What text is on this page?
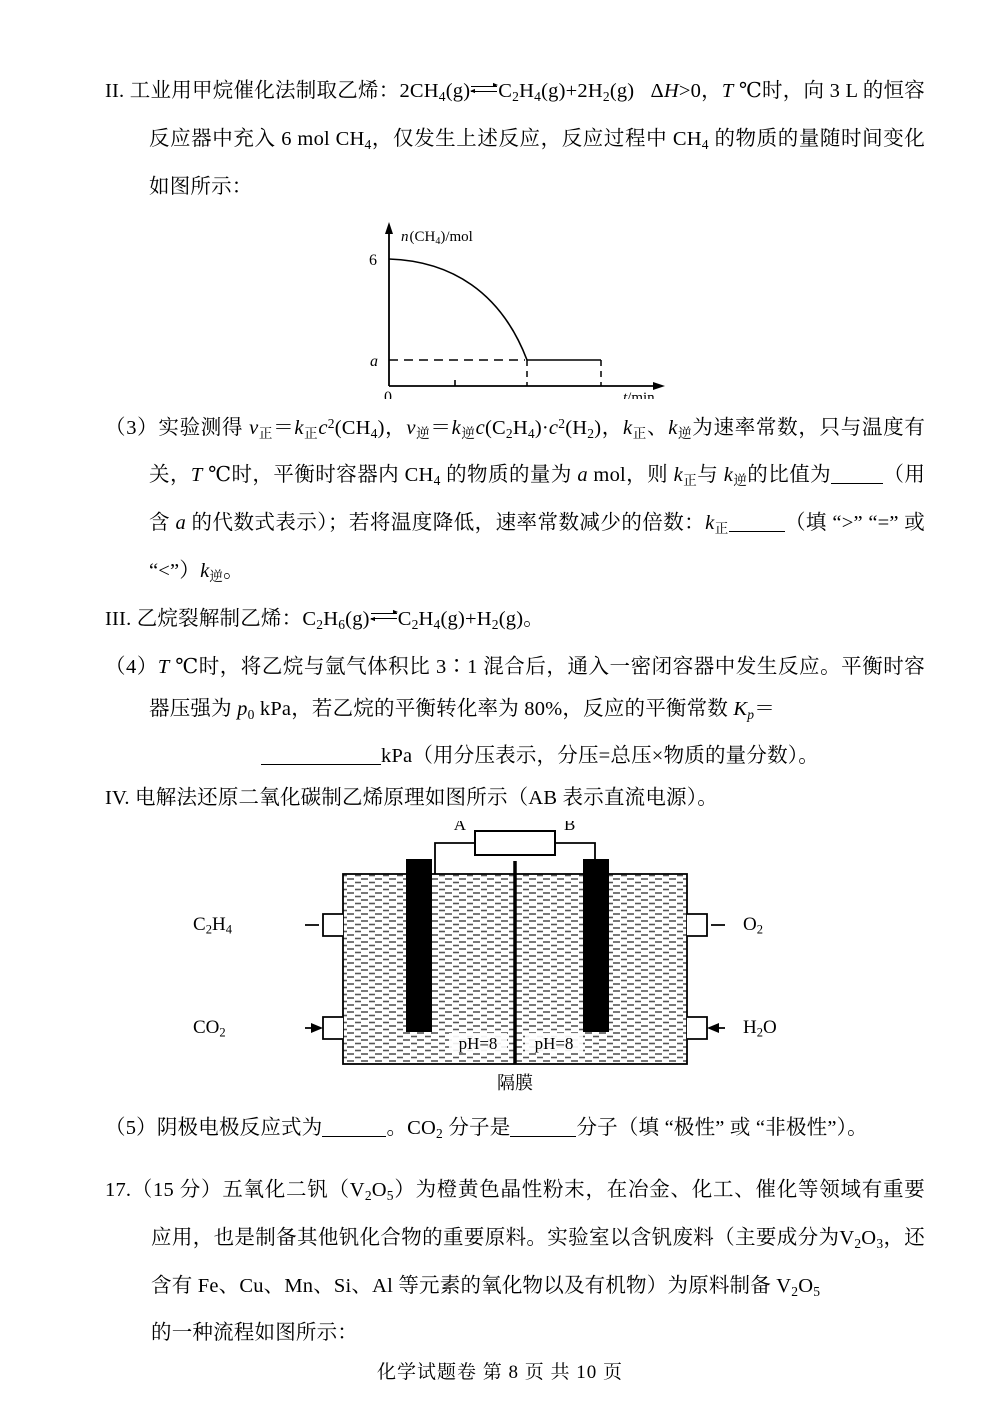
II. 工业用甲烷催化法制取乙烯：$2CH_4(g)$ $C_2H_4(g)+2H_2(g)$ ΔH>0，T ℃时，向 3 L 的恒容反应器中充入 6 mol $CH_4$，仅发生上述反应，反应过程中 $CH_4$ 的物质的量随时间变化如图所示：
$n(CH_4)$/mol
6
a
0	t/min
（3）实验测得 $v_正=k_正c^2(CH_4)$，$v_逆=k_逆c(C_2H_4)\cdot c^2(H_2)$，$k_正$、$k_逆$为速率常数，只与温度有关，T ℃时，平衡时容器内 $CH_4$ 的物质的量为 a mol，则 $k_正$与 $k_逆$的比值为	（用含 a 的代数式表示）；若将温度降低，速率常数减少的倍数：$k_正$	（填 “>” “=” 或 “$<”)k_逆$。
III. 乙烷裂解制乙烯：$C_2H_6(g)$ $C_2H_4(g)+H_2(g)$。
（4）T ℃时，将乙烷与氩气体积比 3∶1 混合后，通入一密闭容器中发生反应。平衡时容器压强为 $p_0$ kPa，若乙烷的平衡转化率为 80%，反应的平衡常数 $K_p=$
kPa（用分压表示，分压=总压×物质的量分数）。
IV. 电解法还原二氧化碳制乙烯原理如图所示（AB 表示直流电源）。
A	B
pH=8 pH=8
隔膜
$C_2H_4$
$CO_2$
$O_2$
$H_2O$
（5）阴极电极反应式为	。$CO_2$ 分子是	分子（填 “极性” 或 “非极性”）。
17.（15 分）五氧化二钒$(V_2O_5)$为橙黄色晶性粉末，在冶金、化工、催化等领域有重要应用，也是制备其他钒化合物的重要原料。实验室以含钒废料（主要成分为$V_2O_3$，还含有 Fe、Cu、Mn、Si、Al 等元素的氧化物以及有机物）为原料制备 $V_2O_5$
的一种流程如图所示：
化学试题卷 第 8 页 共 10 页
